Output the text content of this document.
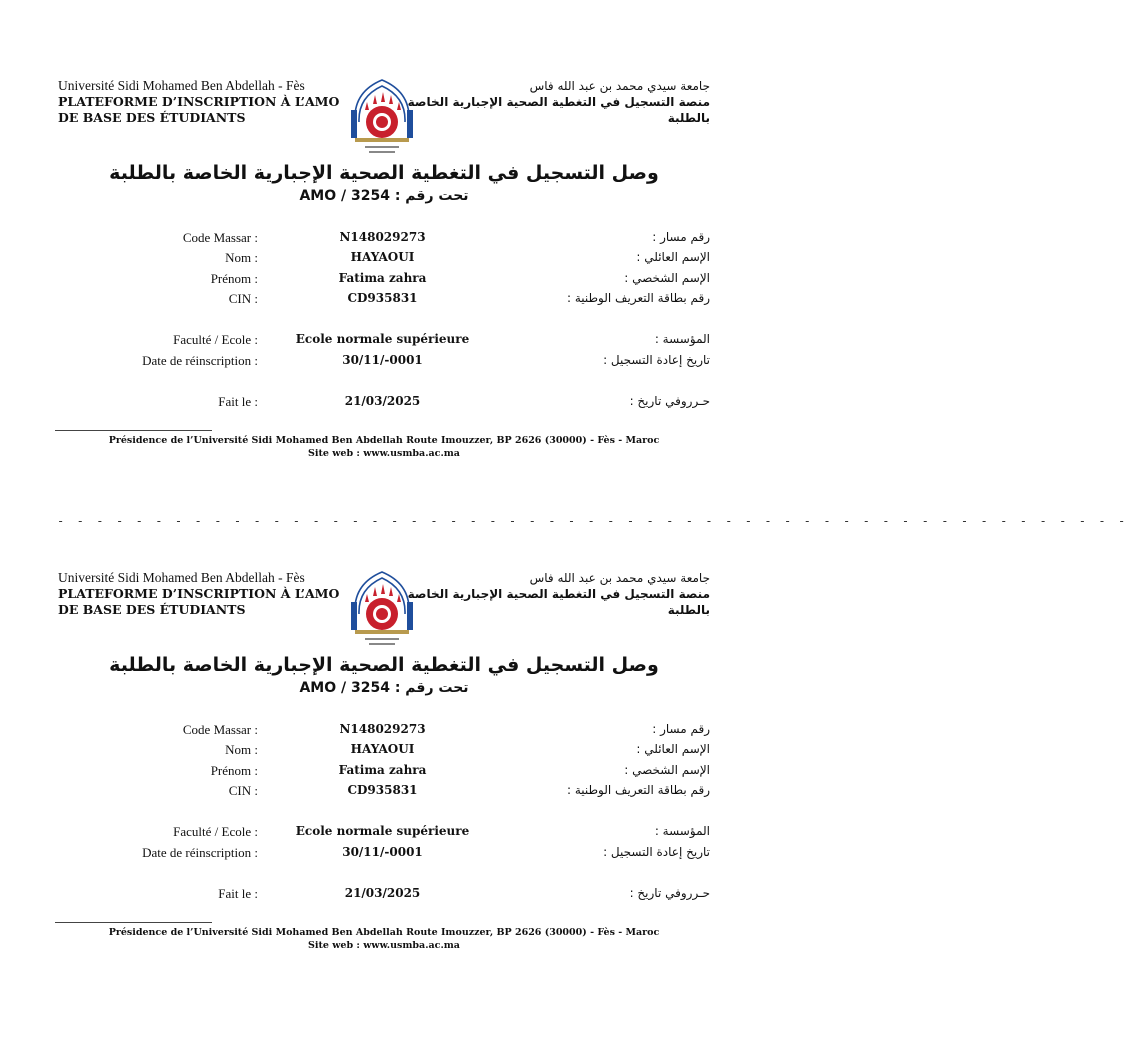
Université Sidi Mohamed Ben Abdellah - Fès
PLATEFORME D’INSCRIPTION À L’AMO
DE BASE DES ÉTUDIANTS
جامعة سيدي محمد بن عبد الله فاس
منصة التسجيل في التغطية الصحية الإجبارية الخاصة
بالطلبة
وصل التسجيل في التغطية الصحية الإجبارية الخاصة بالطلبة
تحت رقم : 3254 / AMO
Code Massar :	N148029273	رقم مسار :
Nom :	HAYAOUI	الإسم العائلي :
Prénom :	Fatima zahra	الإسم الشخصي :
CIN :	CD935831	رقم بطاقة التعريف الوطنية :
Faculté / Ecole :	Ecole normale supérieure	المؤسسة :
Date de réinscription :	30/11/-0001	تاريخ إعادة التسجيل :
Fait le :	21/03/2025	حـرروفي تاريخ :
Présidence de l’Université Sidi Mohamed Ben Abdellah Route Imouzzer, BP 2626 (30000) - Fès - Maroc
Site web : www.usmba.ac.ma
- - - - - - - - - - - - - - - - - - - - - - - - - - - - - - - - - - - - - - - - - - - - - - - - - - - - - - -
Université Sidi Mohamed Ben Abdellah - Fès
PLATEFORME D’INSCRIPTION À L’AMO
DE BASE DES ÉTUDIANTS
جامعة سيدي محمد بن عبد الله فاس
منصة التسجيل في التغطية الصحية الإجبارية الخاصة
بالطلبة
وصل التسجيل في التغطية الصحية الإجبارية الخاصة بالطلبة
تحت رقم : 3254 / AMO
Code Massar :	N148029273	رقم مسار :
Nom :	HAYAOUI	الإسم العائلي :
Prénom :	Fatima zahra	الإسم الشخصي :
CIN :	CD935831	رقم بطاقة التعريف الوطنية :
Faculté / Ecole :	Ecole normale supérieure	المؤسسة :
Date de réinscription :	30/11/-0001	تاريخ إعادة التسجيل :
Fait le :	21/03/2025	حـرروفي تاريخ :
Présidence de l’Université Sidi Mohamed Ben Abdellah Route Imouzzer, BP 2626 (30000) - Fès - Maroc
Site web : www.usmba.ac.ma
